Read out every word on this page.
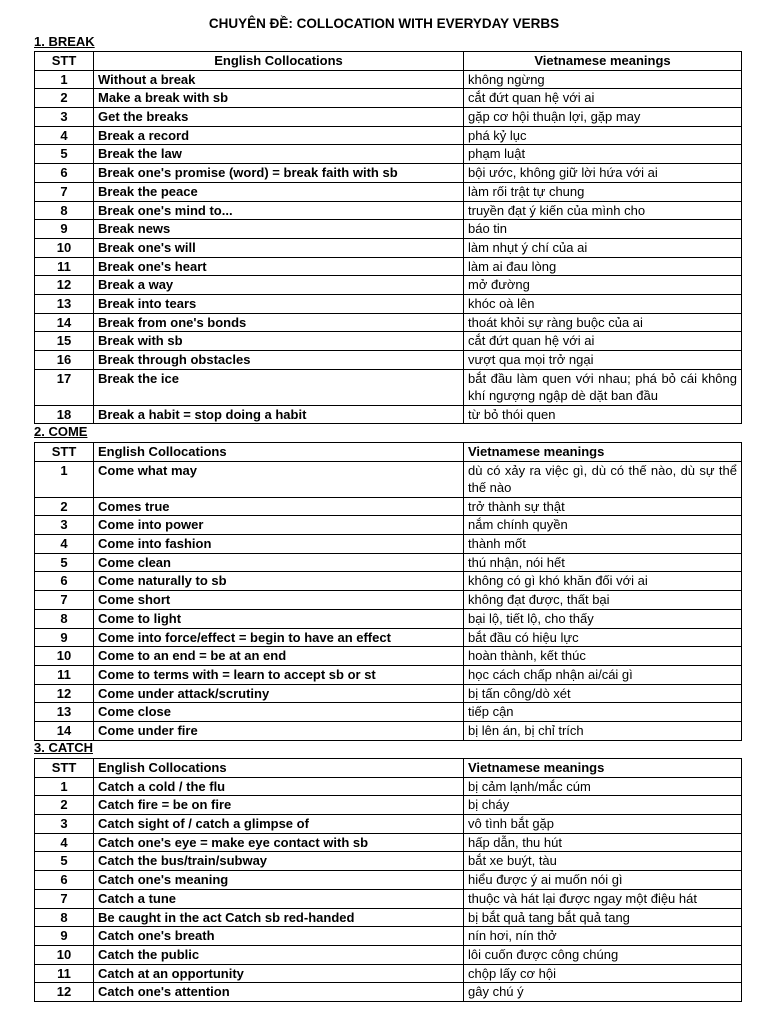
CHUYÊN ĐỀ: COLLOCATION WITH EVERYDAY VERBS
1. BREAK
STT	English Collocations	Vietnamese meanings
1	Without a break	không ngừng
2	Make a break with sb	cắt đứt quan hệ với ai
3	Get the breaks	gặp cơ hội thuận lợi, gặp may
4	Break a record	phá kỷ lục
5	Break the law	phạm luật
6	Break one's promise (word) = break faith with sb	bội ước, không giữ lời hứa với ai
7	Break the peace	làm rối trật tự chung
8	Break one's mind to...	truyền đạt ý kiến của mình cho
9	Break news	báo tin
10	Break one's will	làm nhụt ý chí của ai
11	Break one's heart	làm ai đau lòng
12	Break a way	mở đường
13	Break into tears	khóc oà lên
14	Break from one's bonds	thoát khỏi sự ràng buộc của ai
15	Break with sb	cắt đứt quan hệ với ai
16	Break through obstacles	vượt qua mọi trở ngại
17	Break the ice	bắt đầu làm quen với nhau; phá bỏ cái không khí ngượng ngập dè dặt ban đầu
18	Break a habit = stop doing a habit	từ bỏ thói quen
2. COME
STT	English Collocations	Vietnamese meanings
1	Come what may	dù có xảy ra việc gì, dù có thế nào, dù sự thể thế nào
2	Comes true	trở thành sự thật
3	Come into power	nắm chính quyền
4	Come into fashion	thành mốt
5	Come clean	thú nhận, nói hết
6	Come naturally to sb	không có gì khó khăn đối với ai
7	Come short	không đạt được, thất bại
8	Come to light	bại lộ, tiết lộ, cho thấy
9	Come into force/effect = begin to have an effect	bắt đầu có hiệu lực
10	Come to an end = be at an end	hoàn thành, kết thúc
11	Come to terms with = learn to accept sb or st	học cách chấp nhận ai/cái gì
12	Come under attack/scrutiny	bị tấn công/dò xét
13	Come close	tiếp cận
14	Come under fire	bị lên án, bị chỉ trích
3. CATCH
STT	English Collocations	Vietnamese meanings
1	Catch a cold / the flu	bị cảm lạnh/mắc cúm
2	Catch fire = be on fire	bị cháy
3	Catch sight of / catch a glimpse of	vô tình bắt gặp
4	Catch one's eye = make eye contact with sb	hấp dẫn, thu hút
5	Catch the bus/train/subway	bắt xe buýt, tàu
6	Catch one's meaning	hiểu được ý ai muốn nói gì
7	Catch a tune	thuộc và hát lại được ngay một điệu hát
8	Be caught in the act Catch sb red-handed	bị bắt quả tang bắt quả tang
9	Catch one's breath	nín hơi, nín thở
10	Catch the public	lôi cuốn được công chúng
11	Catch at an opportunity	chộp lấy cơ hội
12	Catch one's attention	gây chú ý
